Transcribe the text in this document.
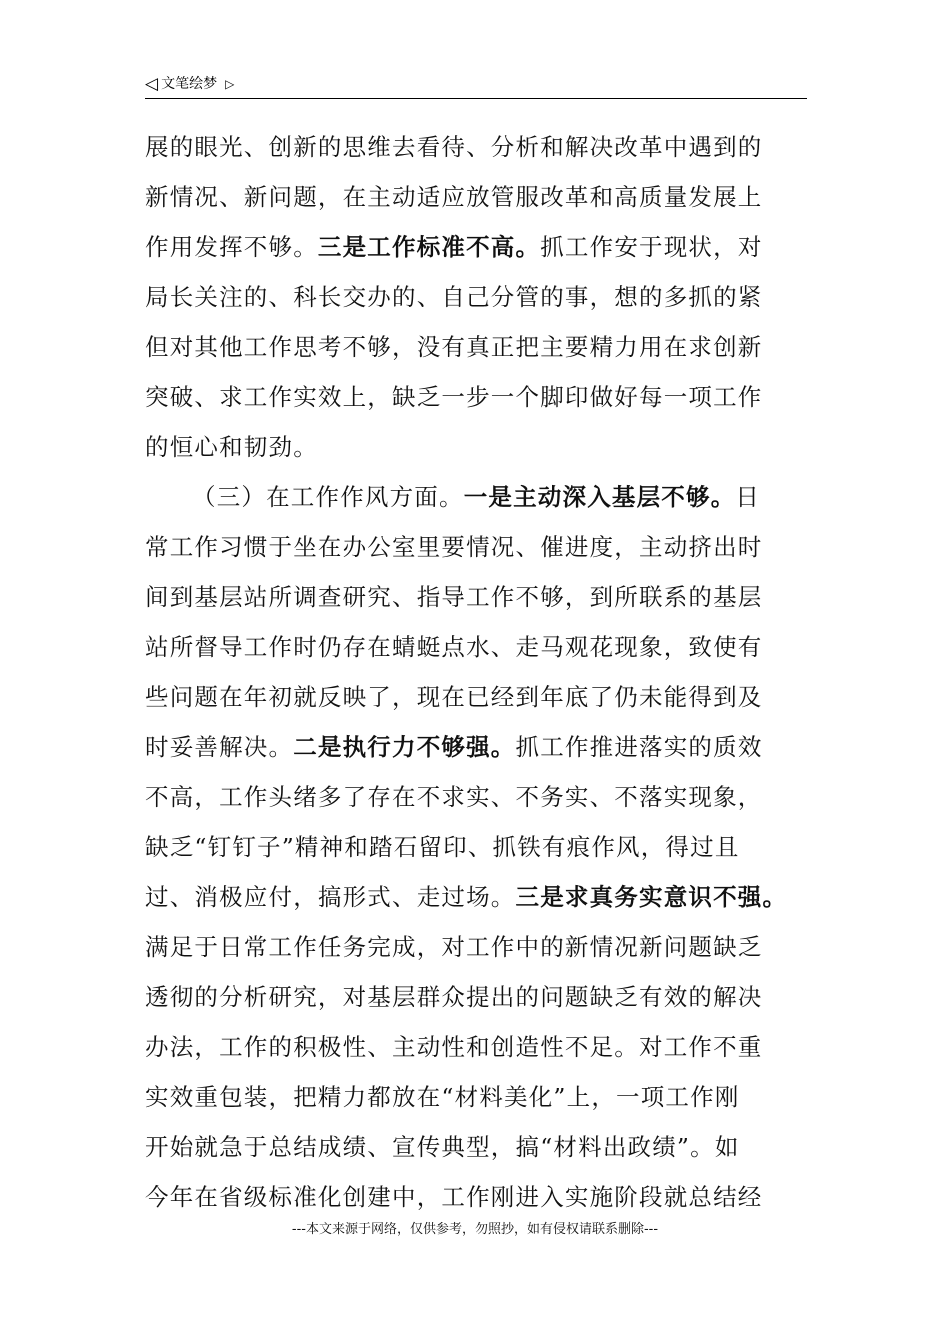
◁ 文笔绘梦 ▷
展的眼光、创新的思维去看待、分析和解决改革中遇到的
新情况、新问题，在主动适应放管服改革和高质量发展上
作用发挥不够。三是工作标准不高。抓工作安于现状，对
局长关注的、科长交办的、自己分管的事，想的多抓的紧
但对其他工作思考不够，没有真正把主要精力用在求创新
突破、求工作实效上，缺乏一步一个脚印做好每一项工作
的恒心和韧劲。
（三）在工作作风方面。一是主动深入基层不够。日
常工作习惯于坐在办公室里要情况、催进度，主动挤出时
间到基层站所调查研究、指导工作不够，到所联系的基层
站所督导工作时仍存在蜻蜓点水、走马观花现象，致使有
些问题在年初就反映了，现在已经到年底了仍未能得到及
时妥善解决。二是执行力不够强。抓工作推进落实的质效
不高，工作头绪多了存在不求实、不务实、不落实现象，
缺乏“钉钉子”精神和踏石留印、抓铁有痕作风，得过且
过、消极应付，搞形式、走过场。三是求真务实意识不强。
满足于日常工作任务完成，对工作中的新情况新问题缺乏
透彻的分析研究，对基层群众提出的问题缺乏有效的解决
办法，工作的积极性、主动性和创造性不足。对工作不重
实效重包装，把精力都放在“材料美化”上，一项工作刚
开始就急于总结成绩、宣传典型，搞“材料出政绩”。如
今年在省级标准化创建中，工作刚进入实施阶段就总结经
---本文来源于网络，仅供参考，勿照抄，如有侵权请联系删除---
